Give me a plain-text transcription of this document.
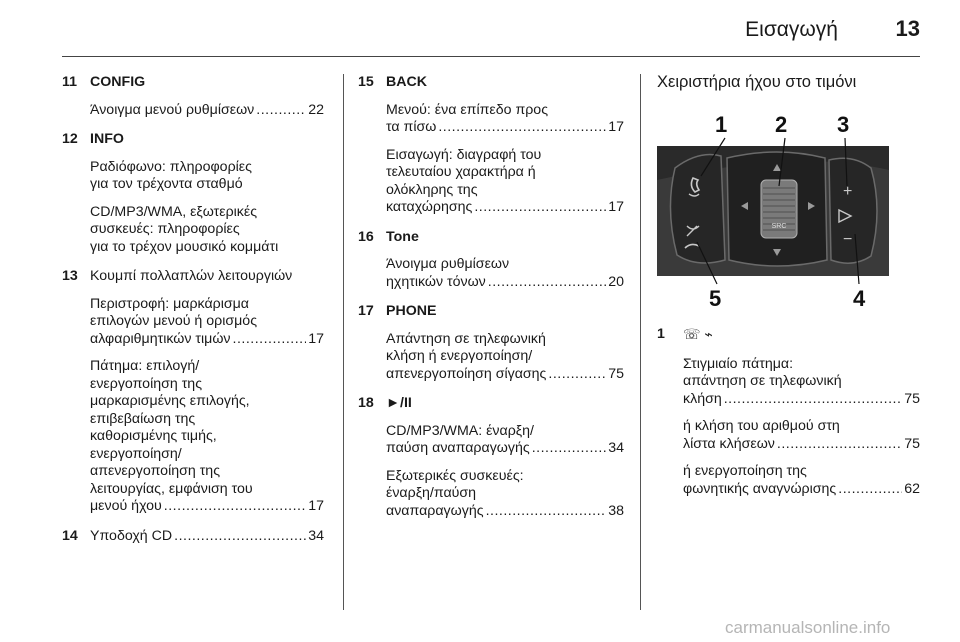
Εισαγωγή	13
11 CONFIG
Άνοιγμα μενού ρυθμίσεων .....	22
12 INFO
Ραδιόφωνο: πληροφορίες
για τον τρέχοντα σταθμό
CD/MP3/WMA, εξωτερικές
συσκευές: πληροφορίες
για το τρέχον μουσικό κομμάτι
13 Κουμπί πολλαπλών λειτουργιών
Περιστροφή: μαρκάρισμα
επιλογών μενού ή ορισμός
αλφαριθμητικών τιμών .....	17
Πάτημα: επιλογή/
ενεργοποίηση της
μαρκαρισμένης επιλογής,
επιβεβαίωση της
καθορισμένης τιμής,
ενεργοποίηση/
απενεργοποίηση της
λειτουργίας, εμφάνιση του
μενού ήχου .....	17
14 Υποδοχή CD .....	34
15 BACK
Μενού: ένα επίπεδο προς
τα πίσω .....	17
Εισαγωγή: διαγραφή του
τελευταίου χαρακτήρα ή
ολόκληρης της
καταχώρησης .....	17
16 Tone
Άνοιγμα ρυθμίσεων
ηχητικών τόνων .....	20
17 PHONE
Απάντηση σε τηλεφωνική
κλήση ή ενεργοποίηση/
απενεργοποίηση σίγασης .....	75
18 ►/ΙΙ
CD/MP3/WMA: έναρξη/
παύση αναπαραγωγής .....	34
Εξωτερικές συσκευές:
έναρξη/παύση
αναπαραγωγής .....	38
Χειριστήρια ήχου στο τιμόνι
SRC
+
−
1 2 3
4
5
1 ☏ ⌁
Στιγμιαίο πάτημα:
απάντηση σε τηλεφωνική
κλήση .....	75
ή κλήση του αριθμού στη
λίστα κλήσεων .....	75
ή ενεργοποίηση της
φωνητικής αναγνώρισης .....	62
carmanualsonline.info
